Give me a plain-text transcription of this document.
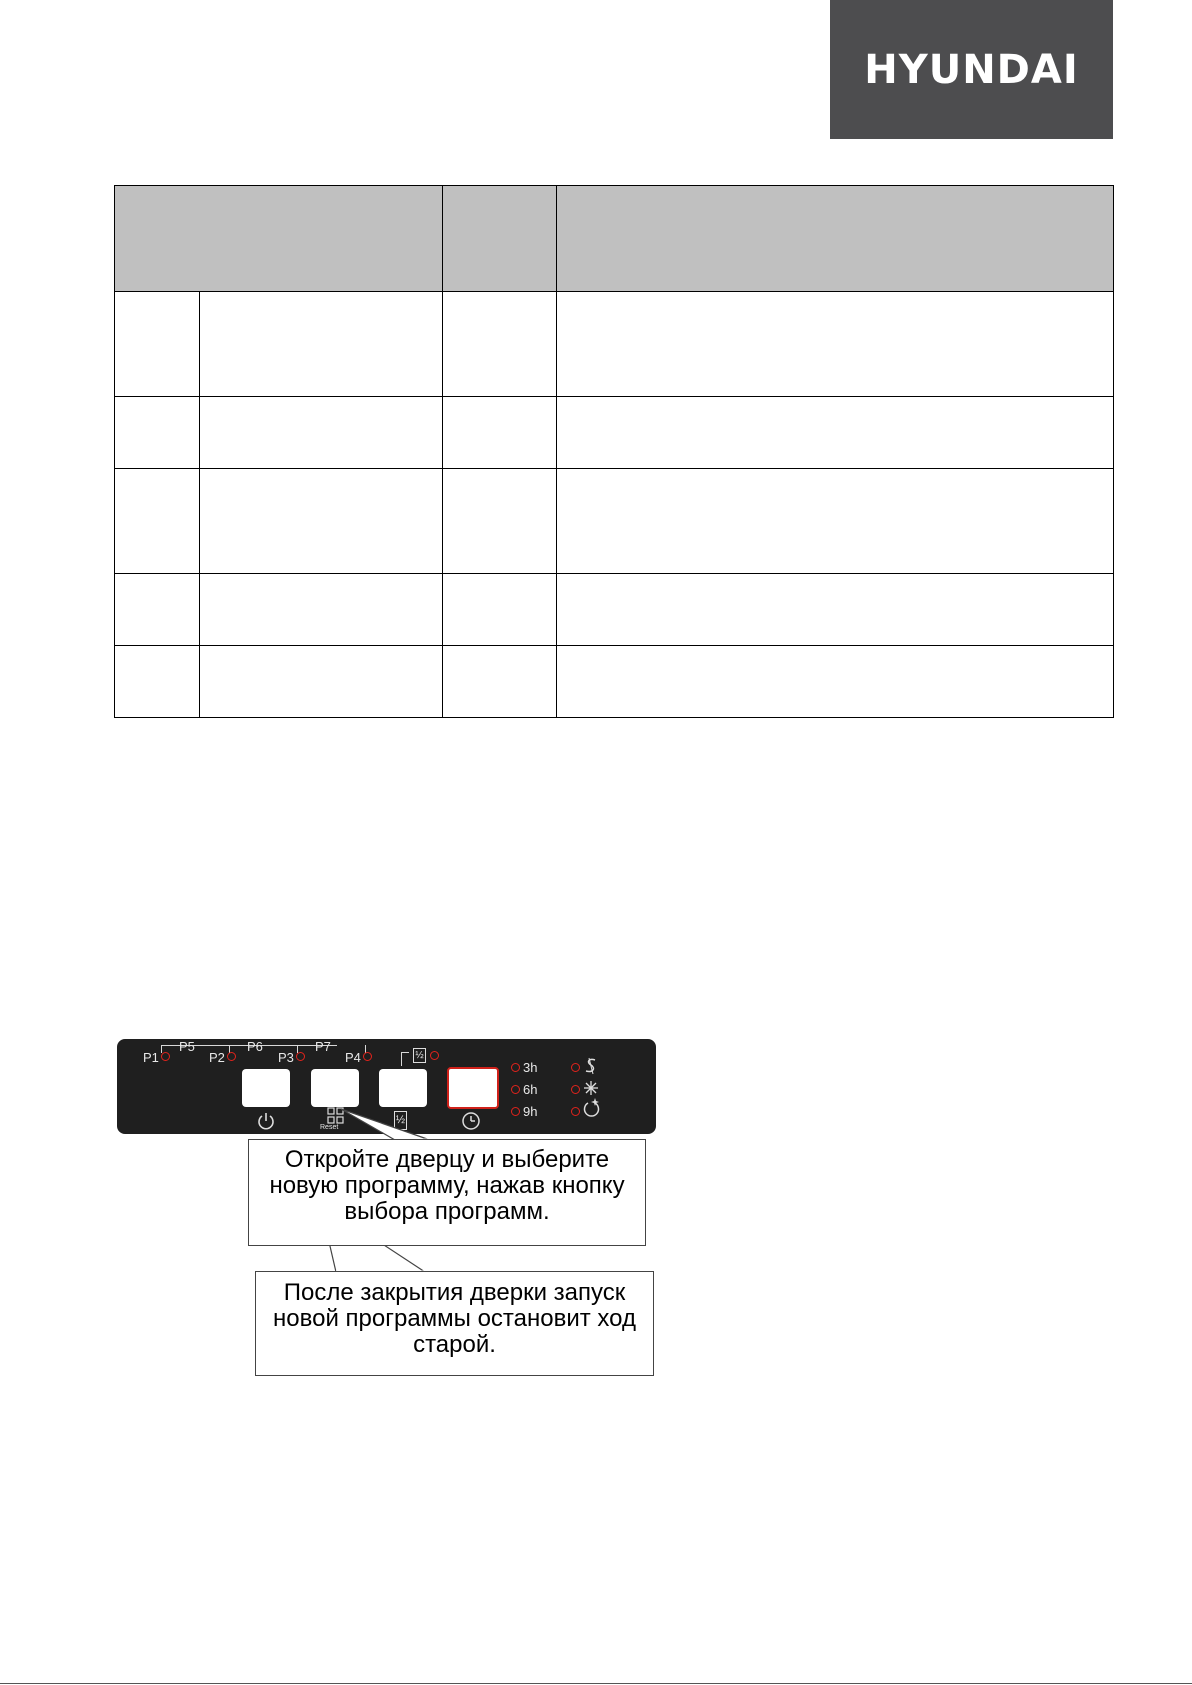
HYUNDAI

P5	P6	P7
P1	P2	P3	P4	½
Reset
½
3h
6h
9h
Откройте дверцу и выберите
новую программу, нажав кнопку
выбора программ.
После закрытия дверки запуск
новой программы остановит ход
старой.
